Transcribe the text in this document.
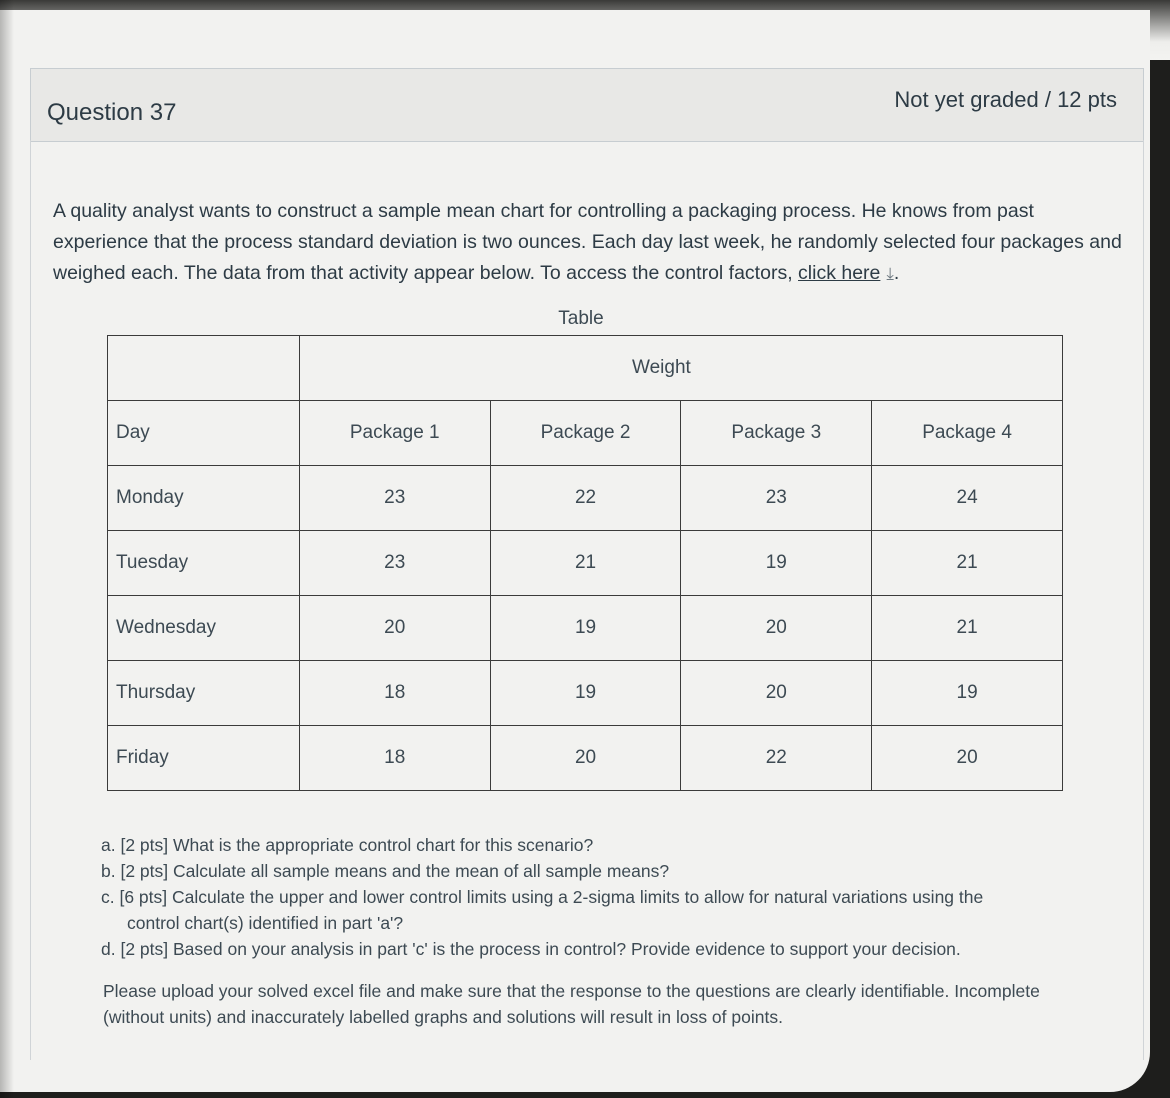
Question 37	Not yet graded / 12 pts
A quality analyst wants to construct a sample mean chart for controlling a packaging process. He knows from past experience that the process standard deviation is two ounces. Each day last week, he randomly selected four packages and weighed each. The data from that activity appear below. To access the control factors, click here ⤓.
Table
	Weight			
Day	Package 1	Package 2	Package 3	Package 4
Monday	23	22	23	24
Tuesday	23	21	19	21
Wednesday	20	19	20	21
Thursday	18	19	20	19
Friday	18	20	22	20
a. [2 pts] What is the appropriate control chart for this scenario?
b. [2 pts] Calculate all sample means and the mean of all sample means?
c. [6 pts] Calculate the upper and lower control limits using a 2-sigma limits to allow for natural variations using the
control chart(s) identified in part 'a'?
d. [2 pts] Based on your analysis in part 'c' is the process in control? Provide evidence to support your decision.
Please upload your solved excel file and make sure that the response to the questions are clearly identifiable. Incomplete (without units) and inaccurately labelled graphs and solutions will result in loss of points.
